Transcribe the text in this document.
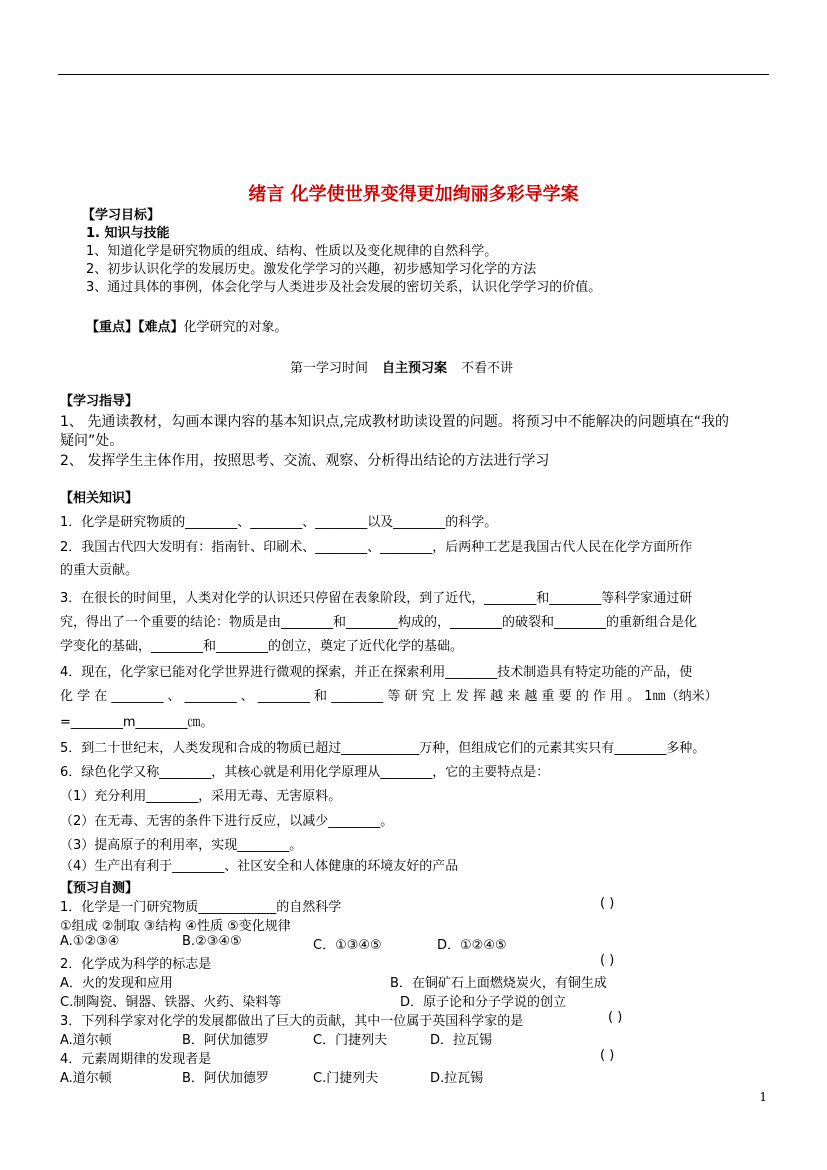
绪言 化学使世界变得更加绚丽多彩导学案
【学习目标】
1. 知识与技能
1、知道化学是研究物质的组成、结构、性质以及变化规律的自然科学。
2、初步认识化学的发展历史。激发化学学习的兴趣，初步感知学习化学的方法
3、通过具体的事例，体会化学与人类进步及社会发展的密切关系，认识化学学习的价值。
【重点】【难点】化学研究的对象。
第一学习时间 自主预习案 不看不讲
【学习指导】
1、 先通读教材，勾画本课内容的基本知识点,完成教材助读设置的问题。将预习中不能解决的问题填在“我的
疑问”处。
2、 发挥学生主体作用，按照思考、交流、观察、分析得出结论的方法进行学习
【相关知识】
1．化学是研究物质的________、________、________以及________的科学。
2．我国古代四大发明有：指南针、印刷术、________、________，后两种工艺是我国古代人民在化学方面所作
的重大贡献。
3．在很长的时间里，人类对化学的认识还只停留在表象阶段，到了近代，________和________等科学家通过研
究，得出了一个重要的结论：物质是由________和________构成的，________的破裂和________的重新组合是化
学变化的基础，________和________的创立，奠定了近代化学的基础。
4．现在，化学家已能对化学世界进行微观的探索，并正在探索利用________技术制造具有特定功能的产品，使
化 学 在 ________ 、 ________ 、 ________ 和 ________ 等 研 究 上 发 挥 越 来 越 重 要 的 作 用 。 1㎚（纳米）
=________m________㎝。
5．到二十世纪末，人类发现和合成的物质已超过____________万种，但组成它们的元素其实只有________多种。
6．绿色化学又称________，其核心就是利用化学原理从________，它的主要特点是：
（1）充分利用________，采用无毒、无害原料。
（2）在无毒、无害的条件下进行反应，以减少________。
（3）提高原子的利用率，实现________。
（4）生产出有利于________、社区安全和人体健康的环境友好的产品
【预习自测】
1．化学是一门研究物质____________的自然科学	( )
①组成 ②制取 ③结构 ④性质 ⑤变化规律
A.①②③④	B.②③④⑤	C．①③④⑤	D．①②④⑤
2．化学成为科学的标志是	( )
A．火的发现和应用	B．在铜矿石上面燃烧炭火，有铜生成
C.制陶瓷、铜器、铁器、火药、染料等	D．原子论和分子学说的创立
3．下列科学家对化学的发展都做出了巨大的贡献，其中一位属于英国科学家的是	( )
A.道尔顿	B．阿伏加德罗	C．门捷列夫	D．拉瓦锡
4．元素周期律的发现者是	( )
A.道尔顿	B．阿伏加德罗	C.门捷列夫	D.拉瓦锡
1
